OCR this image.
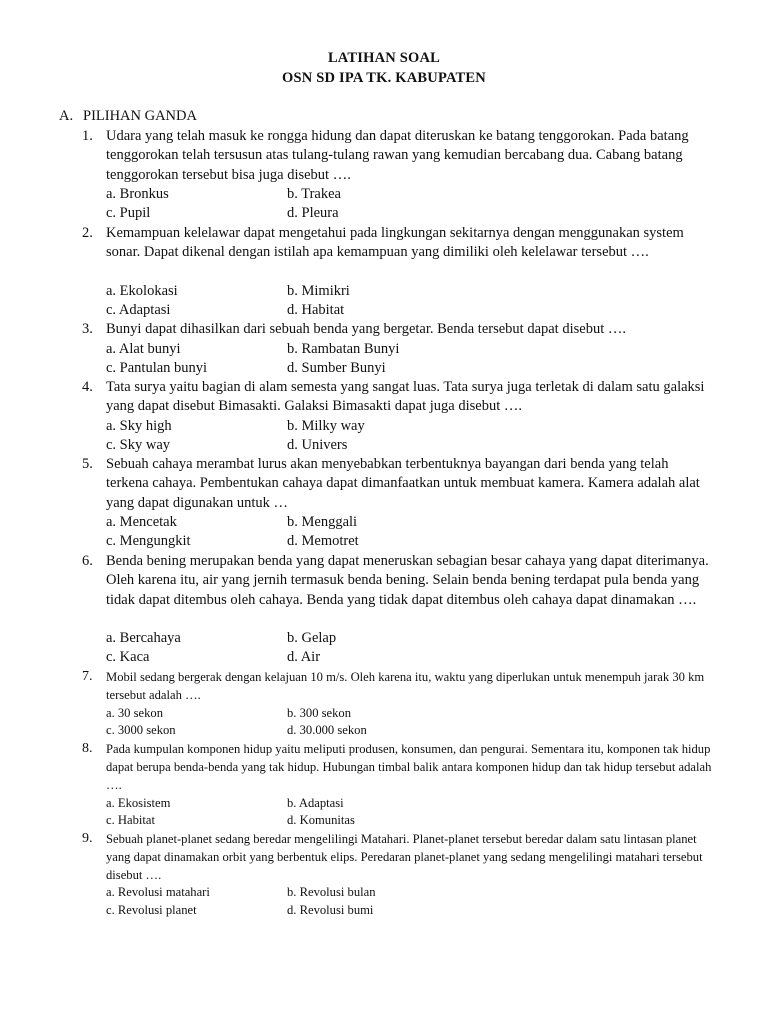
LATIHAN SOAL
OSN SD IPA TK. KABUPATEN
A. PILIHAN GANDA
1. Udara yang telah masuk ke rongga hidung dan dapat diteruskan ke batang tenggorokan. Pada batang tenggorokan telah tersusun atas tulang-tulang rawan yang kemudian bercabang dua. Cabang batang tenggorokan tersebut bisa juga disebut ….
a. Bronkus	b. Trakea
c. Pupil	d. Pleura
2. Kemampuan kelelawar dapat mengetahui pada lingkungan sekitarnya dengan menggunakan system sonar. Dapat dikenal dengan istilah apa kemampuan yang dimiliki oleh kelelawar tersebut ….
a. Ekolokasi	b. Mimikri
c. Adaptasi	d. Habitat
3. Bunyi dapat dihasilkan dari sebuah benda yang bergetar. Benda tersebut dapat disebut ….
a. Alat bunyi	b. Rambatan Bunyi
c. Pantulan bunyi	d. Sumber Bunyi
4. Tata surya yaitu bagian di alam semesta yang sangat luas. Tata surya juga terletak di dalam satu galaksi yang dapat disebut Bimasakti. Galaksi Bimasakti dapat juga disebut ….
a. Sky high	b. Milky way
c. Sky way	d. Univers
5. Sebuah cahaya merambat lurus akan menyebabkan terbentuknya bayangan dari benda yang telah terkena cahaya. Pembentukan cahaya dapat dimanfaatkan untuk membuat kamera. Kamera adalah alat yang dapat digunakan untuk …
a. Mencetak	b. Menggali
c. Mengungkit	d. Memotret
6. Benda bening merupakan benda yang dapat meneruskan sebagian besar cahaya yang dapat diterimanya. Oleh karena itu, air yang jernih termasuk benda bening. Selain benda bening terdapat pula benda yang tidak dapat ditembus oleh cahaya. Benda yang tidak dapat ditembus oleh cahaya dapat dinamakan ….
a. Bercahaya	b. Gelap
c. Kaca	d. Air
7.	Mobil sedang bergerak dengan kelajuan 10 m/s. Oleh karena itu, waktu yang diperlukan untuk menempuh jarak 30 km tersebut adalah ….
a. 30 sekon	b. 300 sekon
c. 3000 sekon	d. 30.000 sekon
8.	Pada kumpulan komponen hidup yaitu meliputi produsen, konsumen, dan pengurai. Sementara itu, komponen tak hidup dapat berupa benda-benda yang tak hidup. Hubungan timbal balik antara komponen hidup dan tak hidup tersebut adalah ….
a. Ekosistem	b. Adaptasi
c. Habitat	d. Komunitas
9.	Sebuah planet-planet sedang beredar mengelilingi Matahari. Planet-planet tersebut beredar dalam satu lintasan planet yang dapat dinamakan orbit yang berbentuk elips. Peredaran planet-planet yang sedang mengelilingi matahari tersebut disebut ….
a. Revolusi matahari	b. Revolusi bulan
c. Revolusi planet	d. Revolusi bumi
